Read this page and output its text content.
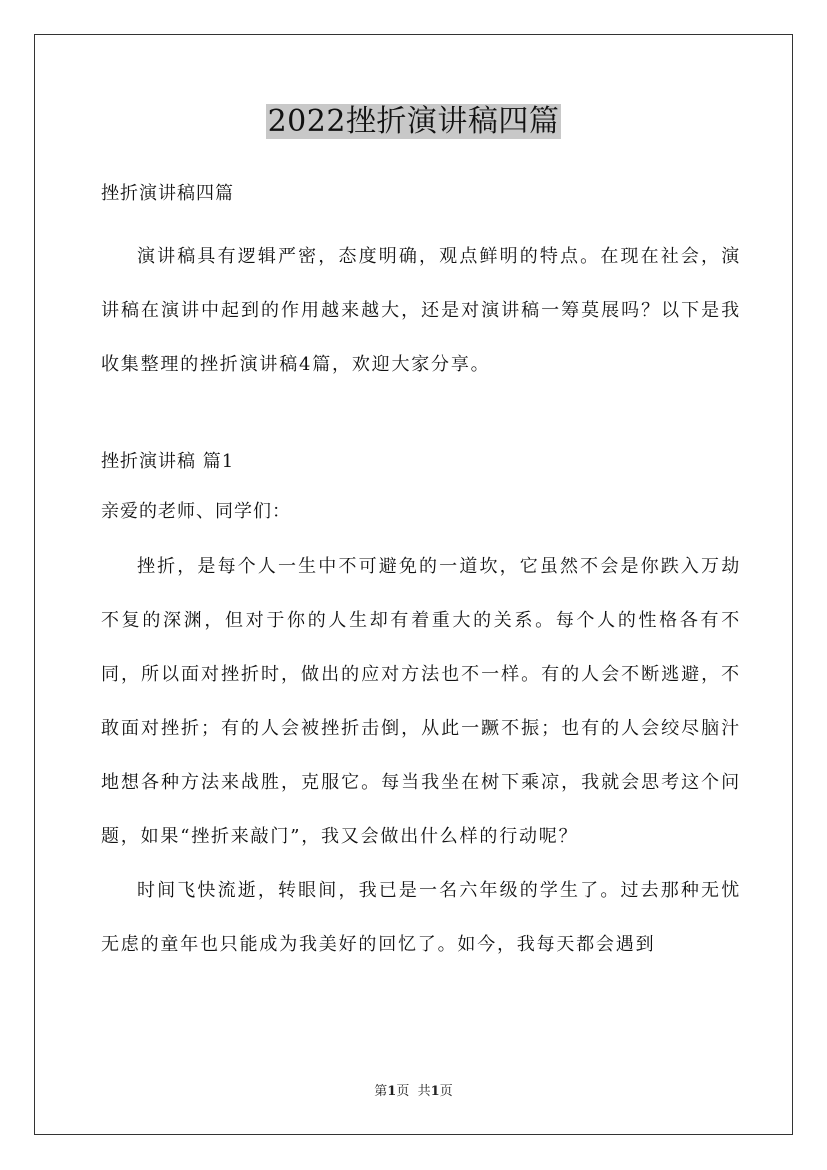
2022挫折演讲稿四篇

挫折演讲稿四篇

演讲稿具有逻辑严密，态度明确，观点鲜明的特点。在现在社会，演讲稿在演讲中起到的作用越来越大，还是对演讲稿一筹莫展吗？以下是我收集整理的挫折演讲稿4篇，欢迎大家分享。

挫折演讲稿 篇1

亲爱的老师、同学们：

挫折，是每个人一生中不可避免的一道坎，它虽然不会是你跌入万劫不复的深渊，但对于你的人生却有着重大的关系。每个人的性格各有不同，所以面对挫折时，做出的应对方法也不一样。有的人会不断逃避，不敢面对挫折；有的人会被挫折击倒，从此一蹶不振；也有的人会绞尽脑汁地想各种方法来战胜，克服它。每当我坐在树下乘凉，我就会思考这个问题，如果“挫折来敲门”，我又会做出什么样的行动呢？

时间飞快流逝，转眼间，我已是一名六年级的学生了。过去那种无忧无虑的童年也只能成为我美好的回忆了。如今，我每天都会遇到

第1页 共1页
